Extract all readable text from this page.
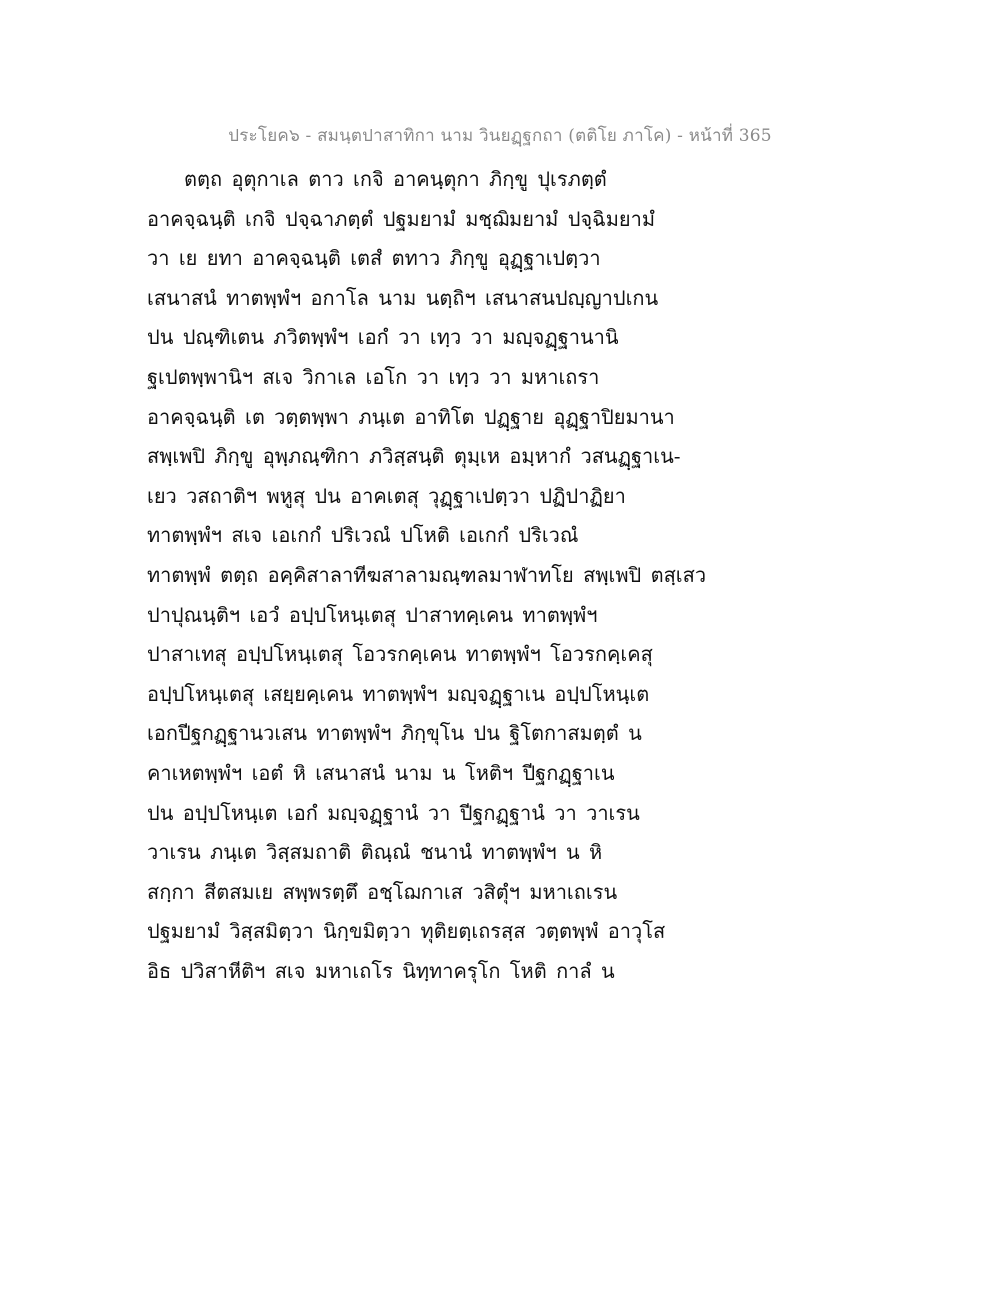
ประโยค๖ - สมนฺตปาสาทิกา นาม วินยฏฺฐกถา (ตติโย ภาโค) - หน้าที่ 365
ตตฺถ อุตุกาเล ตาว เกจิ อาคนฺตุกา ภิกฺขู ปุเรภตฺตํ
อาคจฺฉนฺติ เกจิ ปจฺฉาภตฺตํ ปฐมยามํ มชฺฌิมยามํ ปจฺฉิมยามํ
วา เย ยทา อาคจฺฉนฺติ เตสํ ตทาว ภิกฺขู อุฏฺฐาเปตฺวา
เสนาสนํ ทาตพฺพํฯ อกาโล นาม นตฺถิฯ เสนาสนปญฺญาปเกน
ปน ปณฺฑิเตน ภวิตพฺพํฯ เอกํ วา เทฺว วา มญฺจฏฺฐานานิ
ฐเปตพฺพานิฯ สเจ วิกาเล เอโก วา เทฺว วา มหาเถรา
อาคจฺฉนฺติ เต วตฺตพฺพา ภนฺเต อาทิโต ปฏฺฐาย อุฏฺฐาปิยมานา
สพฺเพปิ ภิกฺขู อุพฺภณฺฑิกา ภวิสฺสนฺติ ตุมฺเห อมฺหากํ วสนฏฺฐาเน-
เยว วสถาติฯ พหูสุ ปน อาคเตสุ วุฏฺฐาเปตฺวา ปฏิปาฏิยา
ทาตพฺพํฯ สเจ เอเกกํ ปริเวณํ ปโหติ เอเกกํ ปริเวณํ
ทาตพฺพํ ตตฺถ อคฺคิสาลาทีฆสาลามณฺฑลมาฬาทโย สพฺเพปิ ตสฺเสว
ปาปุณนฺติฯ เอวํ อปฺปโหนฺเตสุ ปาสาทคฺเคน ทาตพฺพํฯ
ปาสาเทสุ อปฺปโหนฺเตสุ โอวรกคฺเคน ทาตพฺพํฯ โอวรกคฺเคสุ
อปฺปโหนฺเตสุ เสยฺยคฺเคน ทาตพฺพํฯ มญฺจฏฺฐาเน อปฺปโหนฺเต
เอกปีฐกฏฺฐานวเสน ทาตพฺพํฯ ภิกฺขุโน ปน ฐิโตกาสมตฺตํ น
คาเหตพฺพํฯ เอตํ หิ เสนาสนํ นาม น โหติฯ ปีฐกฏฺฐาเน
ปน อปฺปโหนฺเต เอกํ มญฺจฏฺฐานํ วา ปีฐกฏฺฐานํ วา วาเรน
วาเรน ภนฺเต วิสฺสมถาติ ติณฺณํ ชนานํ ทาตพฺพํฯ น หิ
สกฺกา สีตสมเย สพฺพรตฺตึ อชฺโฌกาเส วสิตุํฯ มหาเถเรน
ปฐมยามํ วิสฺสมิตฺวา นิกฺขมิตฺวา ทุติยตฺเถรสฺส วตฺตพฺพํ อาวุโส
อิธ ปวิสาหีติฯ สเจ มหาเถโร นิทฺทาครุโก โหติ กาลํ น
